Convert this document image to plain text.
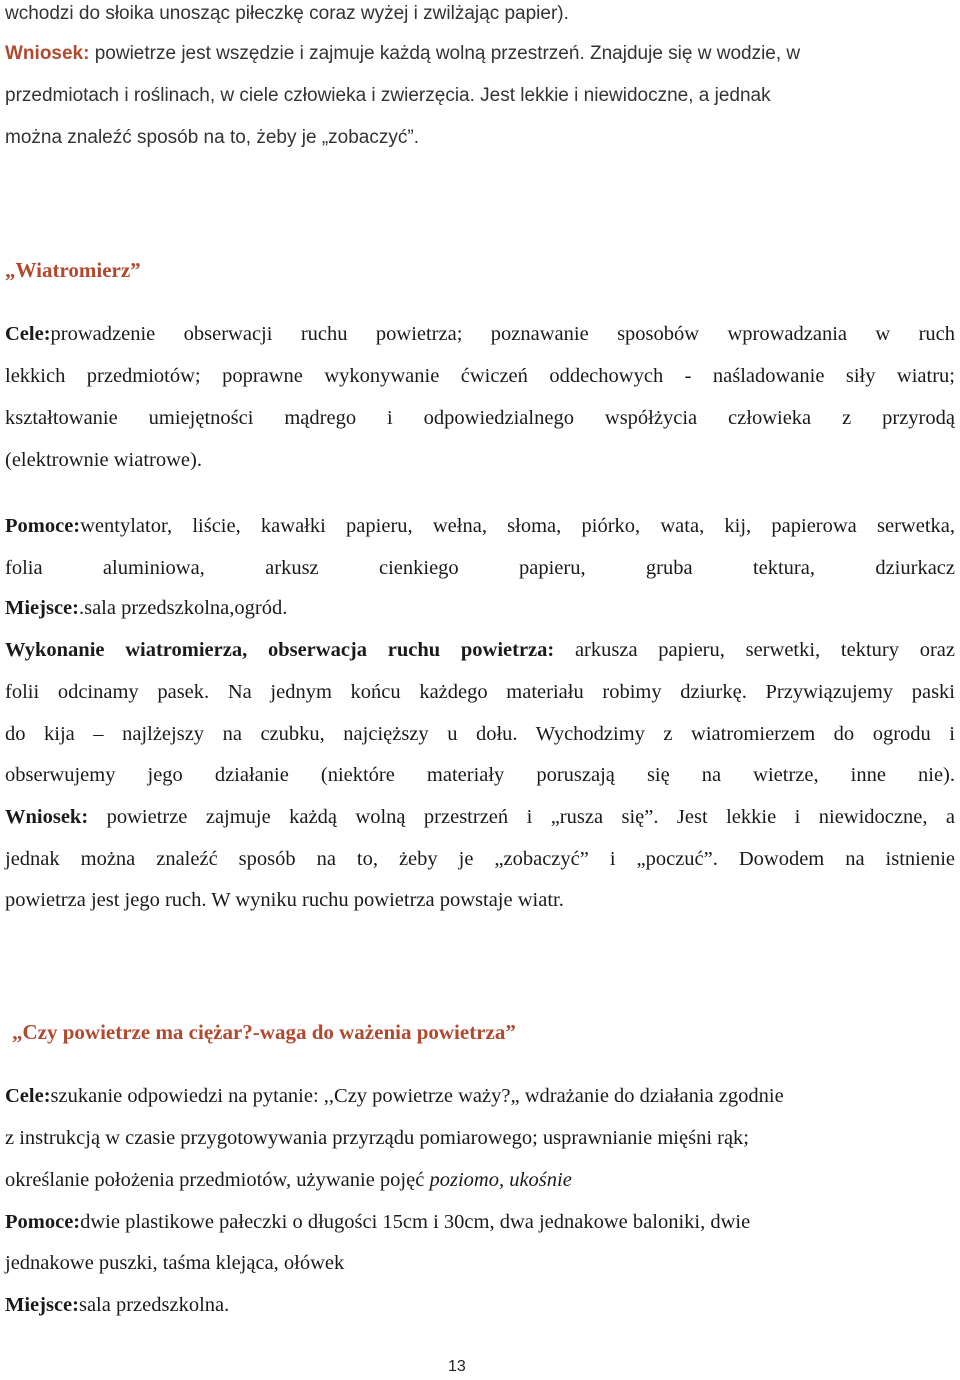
wchodzi do słoika unosząc piłeczkę coraz wyżej i zwilżając papier).
Wniosek: powietrze jest wszędzie i zajmuje każdą wolną przestrzeń. Znajduje się w wodzie, w
przedmiotach i roślinach, w ciele człowieka i zwierzęcia. Jest lekkie i niewidoczne, a jednak
można znaleźć sposób na to, żeby je „zobaczyć”.
„Wiatromierz”
Cele:prowadzenie obserwacji ruchu powietrza; poznawanie sposobów wprowadzania w ruch
lekkich przedmiotów; poprawne wykonywanie ćwiczeń oddechowych - naśladowanie siły wiatru;
kształtowanie umiejętności mądrego i odpowiedzialnego współżycia człowieka z przyrodą
(elektrownie wiatrowe).
Pomoce:wentylator, liście, kawałki papieru, wełna, słoma, piórko, wata, kij, papierowa serwetka,
folia aluminiowa, arkusz cienkiego papieru, gruba tektura, dziurkacz
Miejsce:.sala przedszkolna,ogród.
Wykonanie wiatromierza, obserwacja ruchu powietrza: arkusza papieru, serwetki, tektury oraz
folii odcinamy pasek. Na jednym końcu każdego materiału robimy dziurkę. Przywiązujemy paski
do kija – najlżejszy na czubku, najcięższy u dołu. Wychodzimy z wiatromierzem do ogrodu i
obserwujemy jego działanie (niektóre materiały poruszają się na wietrze, inne nie).
Wniosek: powietrze zajmuje każdą wolną przestrzeń i „rusza się”. Jest lekkie i niewidoczne, a
jednak można znaleźć sposób na to, żeby je „zobaczyć” i „poczuć”. Dowodem na istnienie
powietrza jest jego ruch. W wyniku ruchu powietrza powstaje wiatr.
„Czy powietrze ma ciężar?-waga do ważenia powietrza”
Cele:szukanie odpowiedzi na pytanie: ,,Czy powietrze waży?„ wdrażanie do działania zgodnie
z instrukcją w czasie przygotowywania przyrządu pomiarowego; usprawnianie mięśni rąk;
określanie położenia przedmiotów, używanie pojęć poziomo, ukośnie
Pomoce:dwie plastikowe pałeczki o długości 15cm i 30cm, dwa jednakowe baloniki, dwie
jednakowe puszki, taśma klejąca, ołówek
Miejsce:sala przedszkolna.
13
